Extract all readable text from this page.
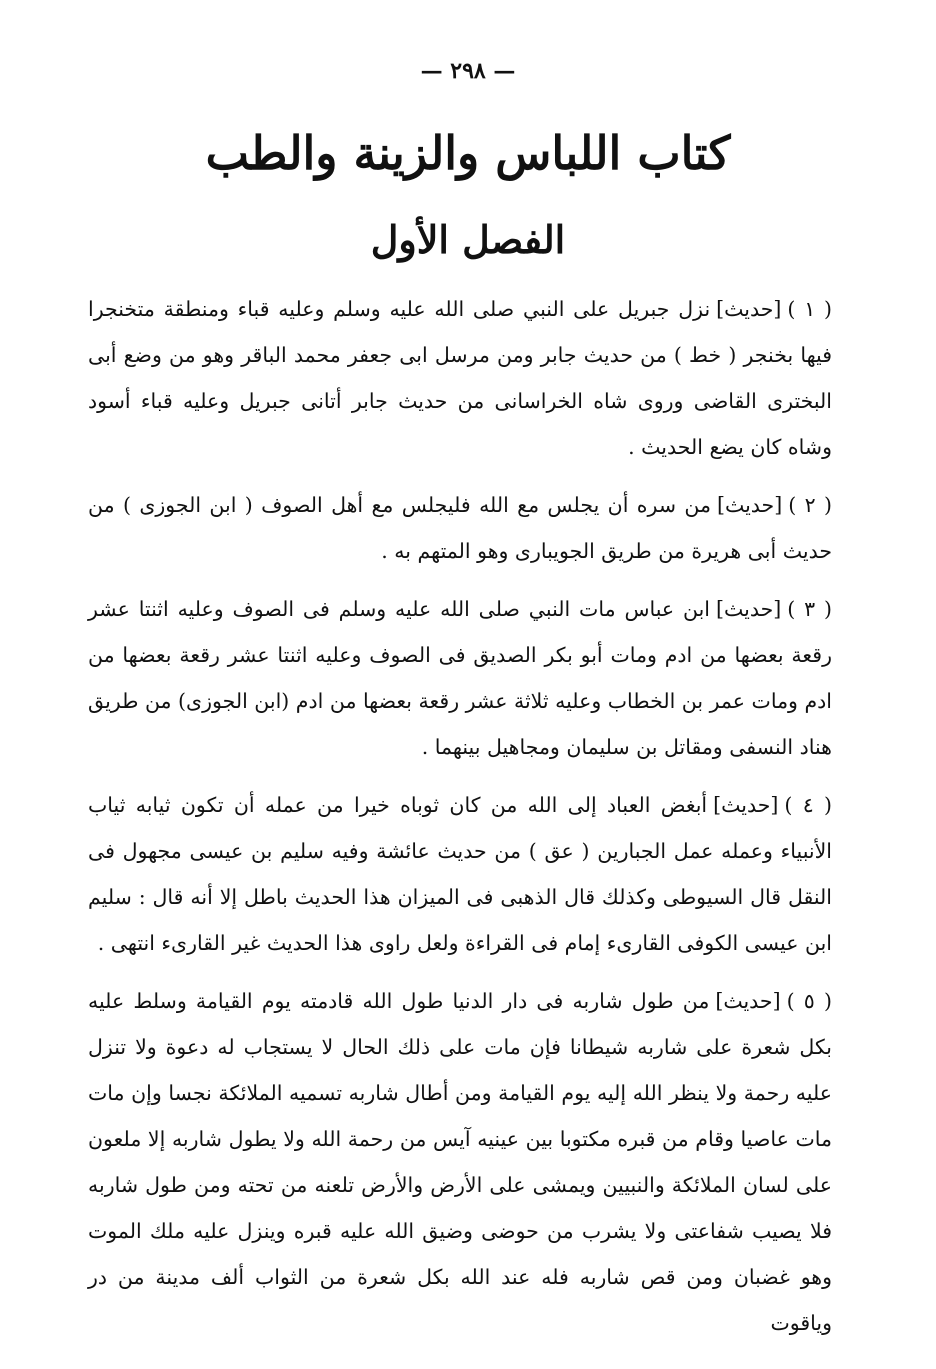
— ٢٩٨ —
كتاب اللباس والزينة والطب
الفصل الأول

( ١ )[حديث]نزل جبريل على النبي صلى الله عليه وسلم وعليه قباء ومنطقة متخنجرا فيها بخنجر ( خط ) من حديث جابر ومن مرسل ابى جعفر محمد الباقر وهو من وضع أبى البخترى القاضى وروى شاه الخراسانى من حديث جابر أتانى جبريل وعليه قباء أسود وشاه كان يضع الحديث .

( ٢ )[حديث]من سره أن يجلس مع الله فليجلس مع أهل الصوف ( ابن الجوزى ) من حديث أبى هريرة من طريق الجويبارى وهو المتهم به .

( ٣ )[حديث]ابن عباس مات النبي صلى الله عليه وسلم فى الصوف وعليه اثنتا عشر رقعة بعضها من ادم ومات أبو بكر الصديق فى الصوف وعليه اثنتا عشر رقعة بعضها من ادم ومات عمر بن الخطاب وعليه ثلاثة عشر رقعة بعضها من ادم (ابن الجوزى) من طريق هناد النسفى ومقاتل بن سليمان ومجاهيل بينهما .

( ٤ )[حديث]أبغض العباد إلى الله من كان ثوباه خيرا من عمله أن تكون ثيابه ثياب الأنبياء وعمله عمل الجبارين ( عق ) من حديث عائشة وفيه سليم بن عيسى مجهول فى النقل قال السيوطى وكذلك قال الذهبى فى الميزان هذا الحديث باطل إلا أنه قال : سليم ابن عيسى الكوفى القارىء إمام فى القراءة ولعل راوى هذا الحديث غير القارىء انتهى .

( ٥ )[حديث]من طول شاربه فى دار الدنيا طول الله قادمته يوم القيامة وسلط عليه بكل شعرة على شاربه شيطانا فإن مات على ذلك الحال لا يستجاب له دعوة ولا تنزل عليه رحمة ولا ينظر الله إليه يوم القيامة ومن أطال شاربه تسميه الملائكة نجسا وإن مات مات عاصيا وقام من قبره مكتوبا بين عينيه آيس من رحمة الله ولا يطول شاربه إلا ملعون على لسان الملائكة والنبيين ويمشى على الأرض والأرض تلعنه من تحته ومن طول شاربه فلا يصيب شفاعتى ولا يشرب من حوضى وضيق الله عليه قبره وينزل عليه ملك الموت وهو غضبان ومن قص شاربه فله عند الله بكل شعرة من الثواب ألف مدينة من در وياقوت
